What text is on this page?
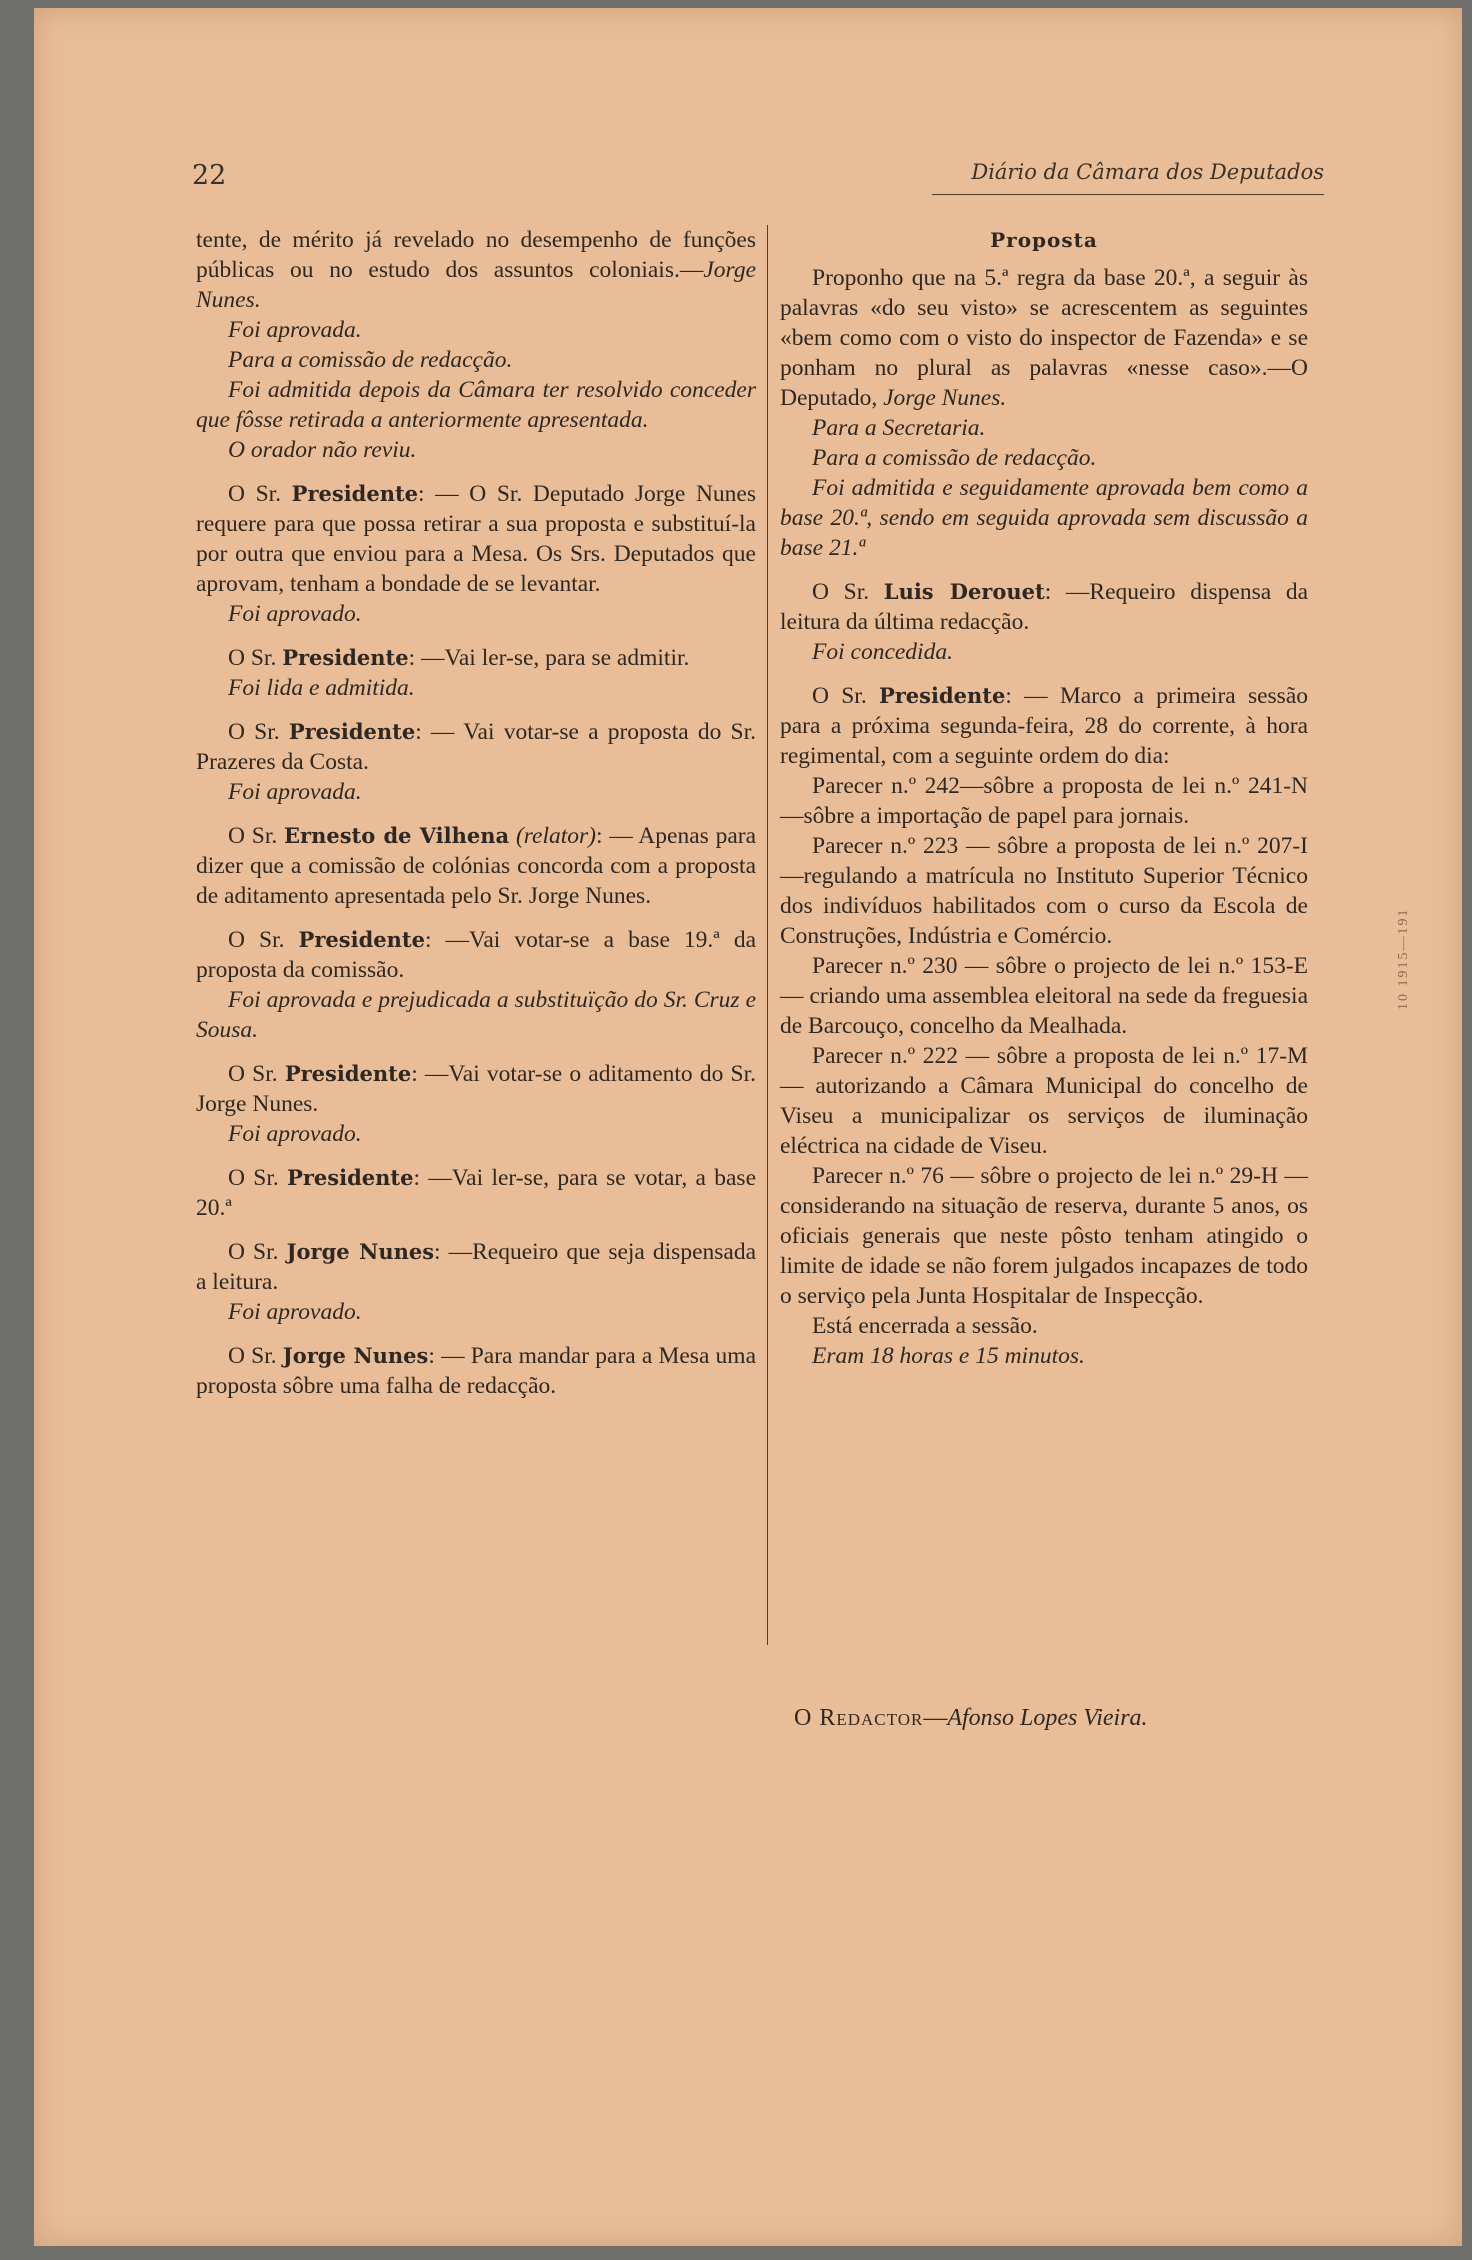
22	Diário da Câmara dos Deputados

tente, de mérito já revelado no desempenho de funções públicas ou no estudo dos assuntos coloniais.—Jorge Nunes.

Foi aprovada.

Para a comissão de redacção.

Foi admitida depois da Câmara ter resolvido conceder que fôsse retirada a anteriormente apresentada.

O orador não reviu.

O Sr. Presidente: — O Sr. Deputado Jorge Nunes requere para que possa retirar a sua proposta e substituí-la por outra que enviou para a Mesa. Os Srs. Deputados que aprovam, tenham a bondade de se levantar.

Foi aprovado.

O Sr. Presidente: —Vai ler-se, para se admitir.

Foi lida e admitida.

O Sr. Presidente: — Vai votar-se a proposta do Sr. Prazeres da Costa.

Foi aprovada.

O Sr. Ernesto de Vilhena (relator): — Apenas para dizer que a comissão de colónias concorda com a proposta de aditamento apresentada pelo Sr. Jorge Nunes.

O Sr. Presidente: —Vai votar-se a base 19.ª da proposta da comissão.

Foi aprovada e prejudicada a substituïção do Sr. Cruz e Sousa.

O Sr. Presidente: —Vai votar-se o aditamento do Sr. Jorge Nunes.

Foi aprovado.

O Sr. Presidente: —Vai ler-se, para se votar, a base 20.ª

O Sr. Jorge Nunes: —Requeiro que seja dispensada a leitura.

Foi aprovado.

O Sr. Jorge Nunes: — Para mandar para a Mesa uma proposta sôbre uma falha de redacção.

Proposta

Proponho que na 5.ª regra da base 20.ª, a seguir às palavras «do seu visto» se acrescentem as seguintes «bem como com o visto do inspector de Fazenda» e se ponham no plural as palavras «nesse caso».—O Deputado, Jorge Nunes.

Para a Secretaria.

Para a comissão de redacção.

Foi admitida e seguidamente aprovada bem como a base 20.ª, sendo em seguida aprovada sem discussão a base 21.ª

O Sr. Luis Derouet: —Requeiro dispensa da leitura da última redacção.

Foi concedida.

O Sr. Presidente: — Marco a primeira sessão para a próxima segunda-feira, 28 do corrente, à hora regimental, com a seguinte ordem do dia:

Parecer n.º 242—sôbre a proposta de lei n.º 241-N—sôbre a importação de papel para jornais.

Parecer n.º 223 — sôbre a proposta de lei n.º 207-I —regulando a matrícula no Instituto Superior Técnico dos indivíduos habilitados com o curso da Escola de Construções, Indústria e Comércio.

Parecer n.º 230 — sôbre o projecto de lei n.º 153-E — criando uma assemblea eleitoral na sede da freguesia de Barcouço, concelho da Mealhada.

Parecer n.º 222 — sôbre a proposta de lei n.º 17-M — autorizando a Câmara Municipal do concelho de Viseu a municipalizar os serviços de iluminação eléctrica na cidade de Viseu.

Parecer n.º 76 — sôbre o projecto de lei n.º 29-H — considerando na situação de reserva, durante 5 anos, os oficiais generais que neste pôsto tenham atingido o limite de idade se não forem julgados incapazes de todo o serviço pela Junta Hospitalar de Inspecção.

Está encerrada a sessão.

Eram 18 horas e 15 minutos.

O Redactor—Afonso Lopes Vieira.
10 1915—191
